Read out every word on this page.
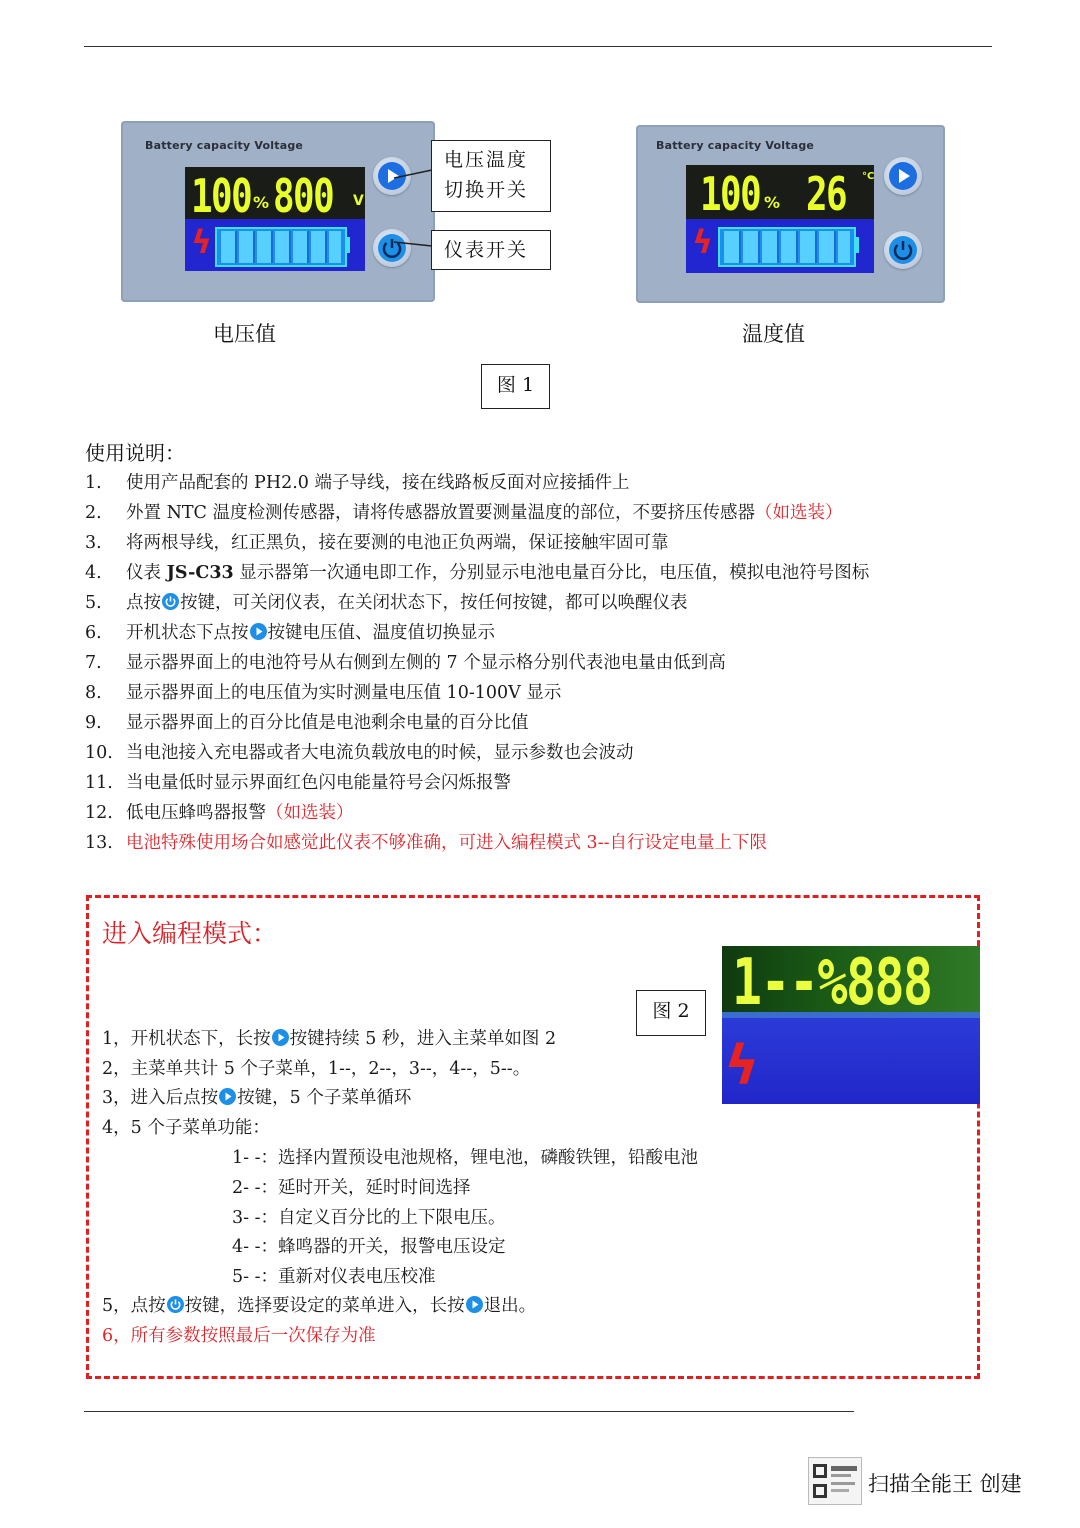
Battery capacity Voltage
100 % 800 V
ϟ
电压温度
切换开关
仪表开关
Battery capacity Voltage
100 % 26 °C
ϟ
电压值	温度值
图 1
使用说明：
1.	使用产品配套的 PH2.0 端子导线，接在线路板反面对应接插件上
2.	外置 NTC 温度检测传感器，请将传感器放置要测量温度的部位，不要挤压传感器（如选装）
3.	将两根导线，红正黑负，接在要测的电池正负两端，保证接触牢固可靠
4.	仪表 JS-C33 显示器第一次通电即工作，分别显示电池电量百分比，电压值，模拟电池符号图标
5.	点按 按键，可关闭仪表，在关闭状态下，按任何按键，都可以唤醒仪表
6.	开机状态下点按 按键电压值、温度值切换显示
7.	显示器界面上的电池符号从右侧到左侧的 7 个显示格分别代表池电量由低到高
8.	显示器界面上的电压值为实时测量电压值 10-100V 显示
9.	显示器界面上的百分比值是电池剩余电量的百分比值
10. 当电池接入充电器或者大电流负载放电的时候，显示参数也会波动
11. 当电量低时显示界面红色闪电能量符号会闪烁报警
12. 低电压蜂鸣器报警（如选装）
13. 电池特殊使用场合如感觉此仪表不够准确，可进入编程模式 3--自行设定电量上下限
进入编程模式：
图 2 1--%888
ϟ
1，开机状态下，长按 按键持续 5 秒，进入主菜单如图 2
2，主菜单共计 5 个子菜单，1--，2--，3--，4--，5--。
3，进入后点按 按键，5 个子菜单循环
4，5 个子菜单功能：
1- -：选择内置预设电池规格，锂电池，磷酸铁锂，铅酸电池
2- -：延时开关，延时时间选择
3- -：自定义百分比的上下限电压。
4- -：蜂鸣器的开关，报警电压设定
5- -：重新对仪表电压校准
5，点按 按键，选择要设定的菜单进入，长按 退出。
6，所有参数按照最后一次保存为准
扫描全能王 创建
